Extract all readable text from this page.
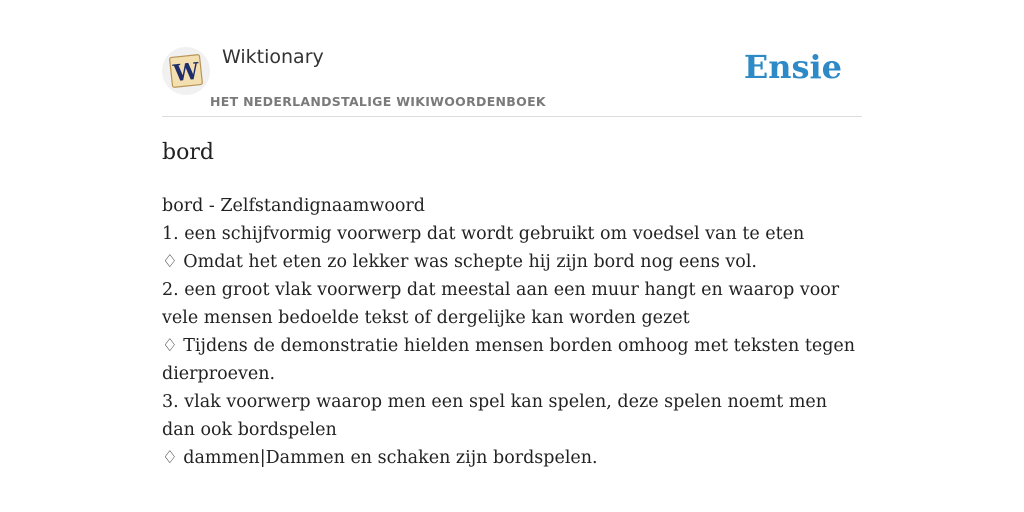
W
Wiktionary
HET NEDERLANDSTALIGE WIKIWOORDENBOEK
Ensie
bord
bord - Zelfstandignaamwoord
1. een schijfvormig voorwerp dat wordt gebruikt om voedsel van te eten
♢ Omdat het eten zo lekker was schepte hij zijn bord nog eens vol.
2. een groot vlak voorwerp dat meestal aan een muur hangt en waarop voor vele mensen bedoelde tekst of dergelijke kan worden gezet
♢ Tijdens de demonstratie hielden mensen borden omhoog met teksten tegen dierproeven.
3. vlak voorwerp waarop men een spel kan spelen, deze spelen noemt men dan ook bordspelen
♢ dammen|Dammen en schaken zijn bordspelen.
